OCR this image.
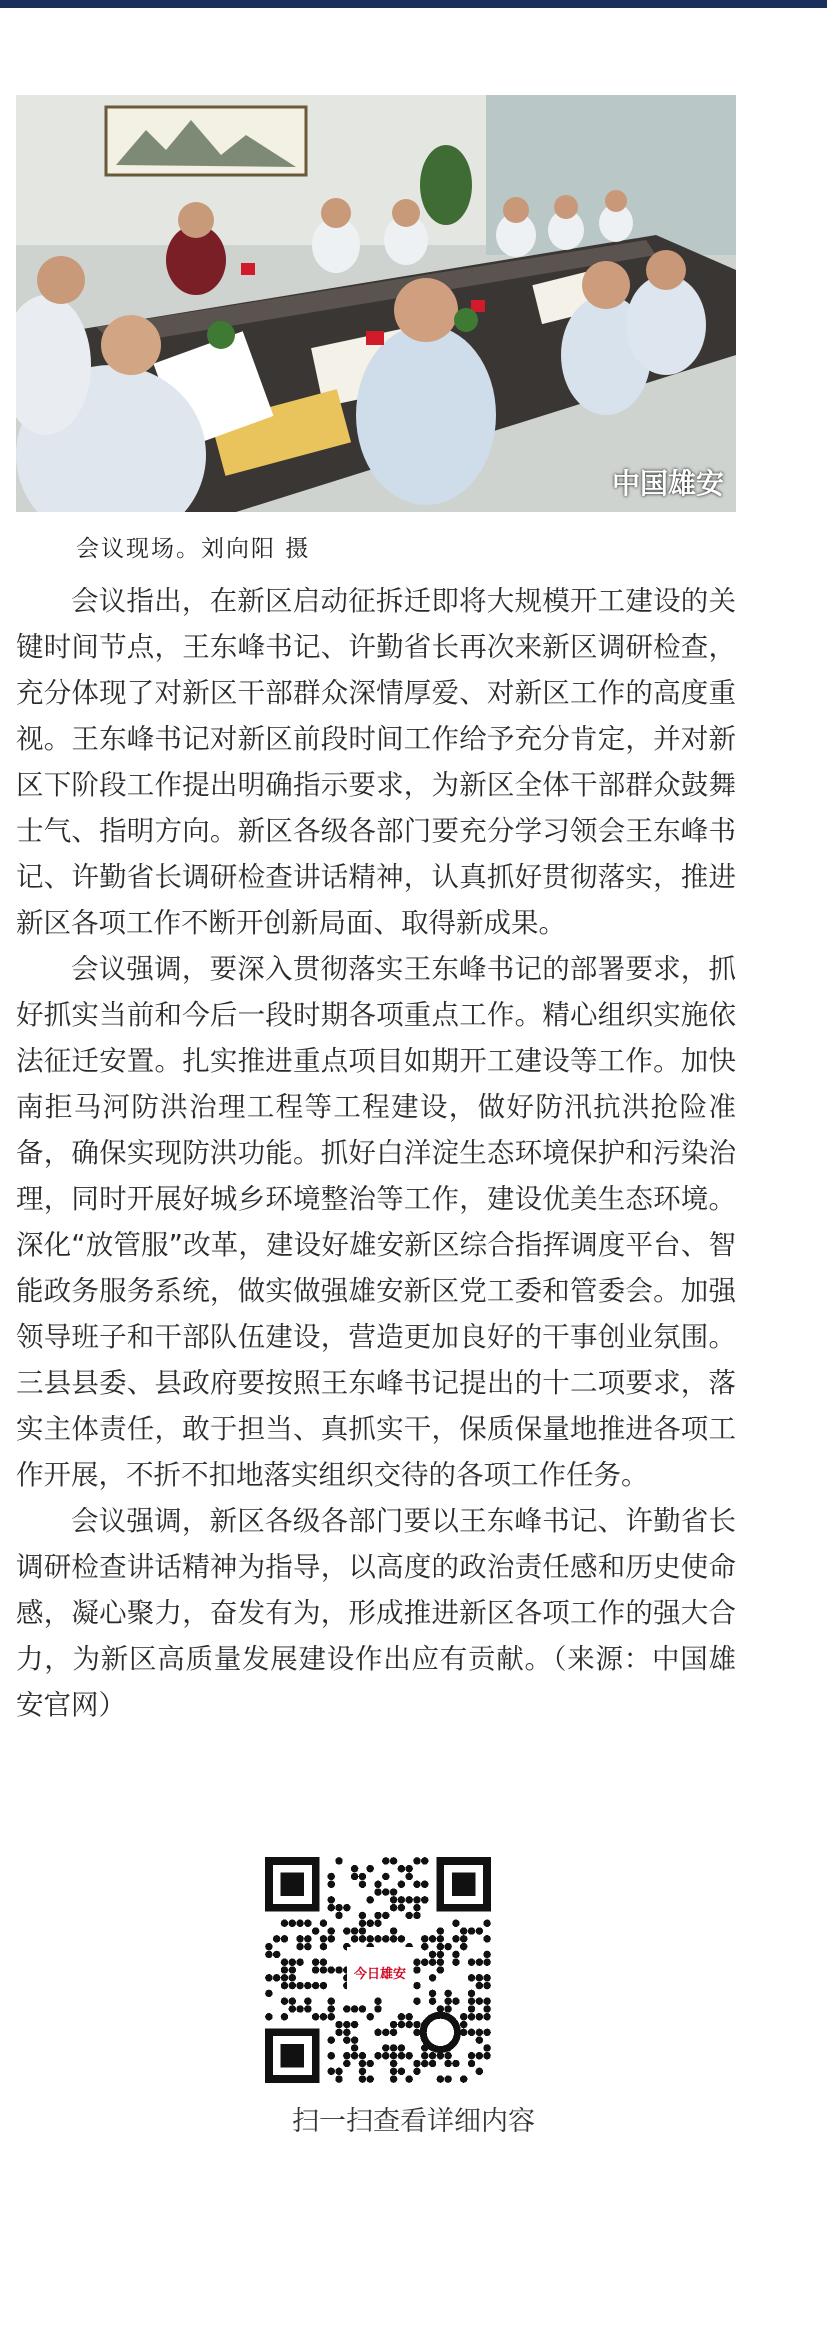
中国雄安
会议现场。刘向阳 摄

会议指出，在新区启动征拆迁即将大规模开工建设的关键时间节点，王东峰书记、许勤省长再次来新区调研检查，充分体现了对新区干部群众深情厚爱、对新区工作的高度重视。王东峰书记对新区前段时间工作给予充分肯定，并对新区下阶段工作提出明确指示要求，为新区全体干部群众鼓舞士气、指明方向。新区各级各部门要充分学习领会王东峰书记、许勤省长调研检查讲话精神，认真抓好贯彻落实，推进新区各项工作不断开创新局面、取得新成果。

会议强调，要深入贯彻落实王东峰书记的部署要求，抓好抓实当前和今后一段时期各项重点工作。精心组织实施依法征迁安置。扎实推进重点项目如期开工建设等工作。加快南拒马河防洪治理工程等工程建设，做好防汛抗洪抢险准备，确保实现防洪功能。抓好白洋淀生态环境保护和污染治理，同时开展好城乡环境整治等工作，建设优美生态环境。深化“放管服”改革，建设好雄安新区综合指挥调度平台、智能政务服务系统，做实做强雄安新区党工委和管委会。加强领导班子和干部队伍建设，营造更加良好的干事创业氛围。三县县委、县政府要按照王东峰书记提出的十二项要求，落实主体责任，敢于担当、真抓实干，保质保量地推进各项工作开展，不折不扣地落实组织交待的各项工作任务。

会议强调，新区各级各部门要以王东峰书记、许勤省长调研检查讲话精神为指导，以高度的政治责任感和历史使命感，凝心聚力，奋发有为，形成推进新区各项工作的强大合力，为新区高质量发展建设作出应有贡献。（来源：中国雄安官网）

今日雄安
扫一扫查看详细内容
